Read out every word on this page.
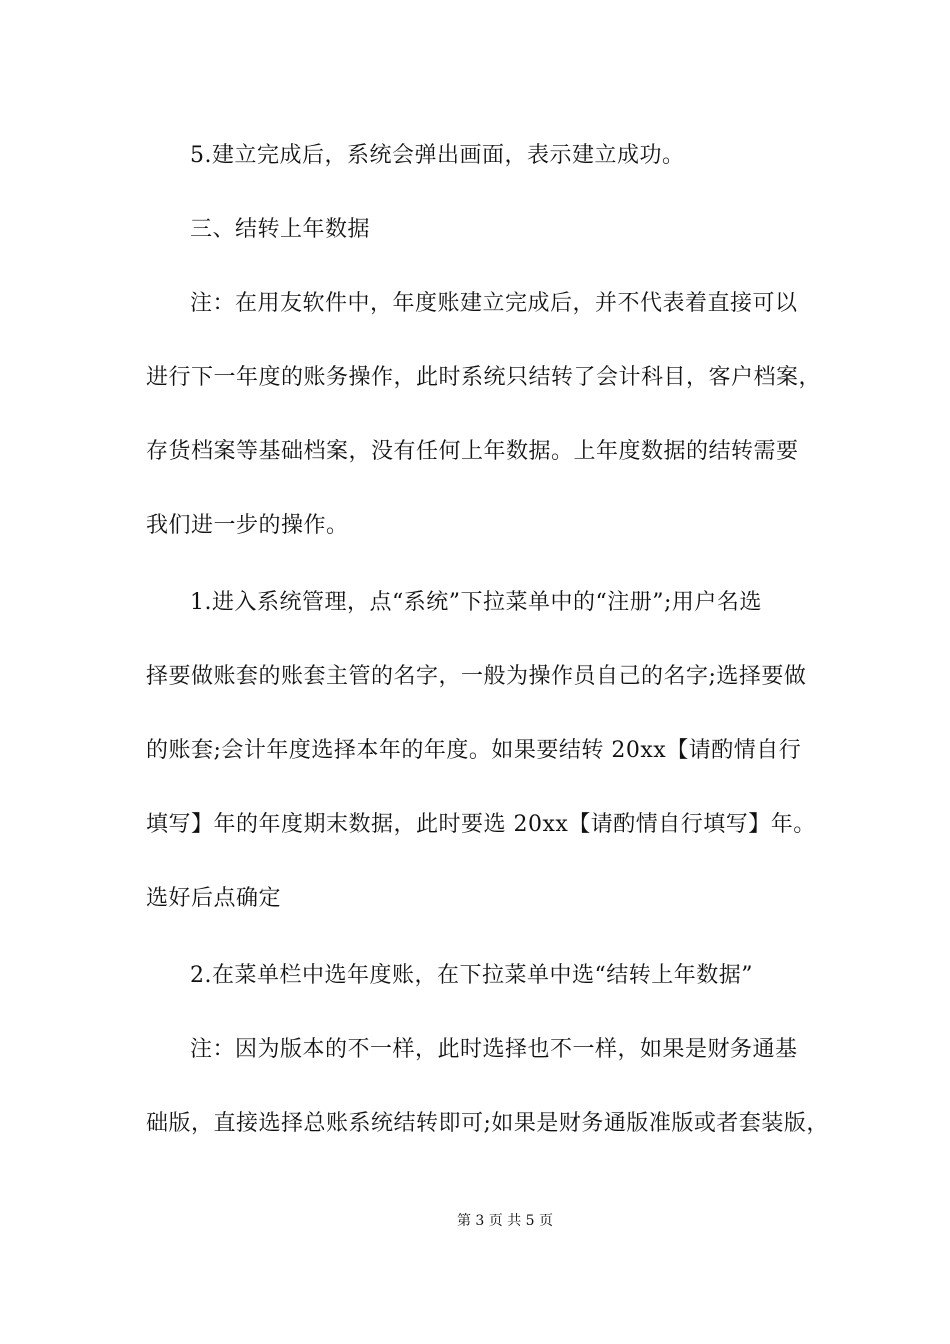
5.建立完成后，系统会弹出画面，表示建立成功。
三、结转上年数据
注：在用友软件中，年度账建立完成后，并不代表着直接可以
进行下一年度的账务操作，此时系统只结转了会计科目，客户档案，
存货档案等基础档案，没有任何上年数据。上年度数据的结转需要
我们进一步的操作。
1.进入系统管理，点“系统”下拉菜单中的“注册”;用户名选
择要做账套的账套主管的名字，一般为操作员自己的名字;选择要做
的账套;会计年度选择本年的年度。如果要结转 20xx【请酌情自行
填写】年的年度期末数据，此时要选 20xx【请酌情自行填写】年。
选好后点确定
2.在菜单栏中选年度账，在下拉菜单中选“结转上年数据”
注：因为版本的不一样，此时选择也不一样，如果是财务通基
础版，直接选择总账系统结转即可;如果是财务通版准版或者套装版，
第 3 页 共 5 页
